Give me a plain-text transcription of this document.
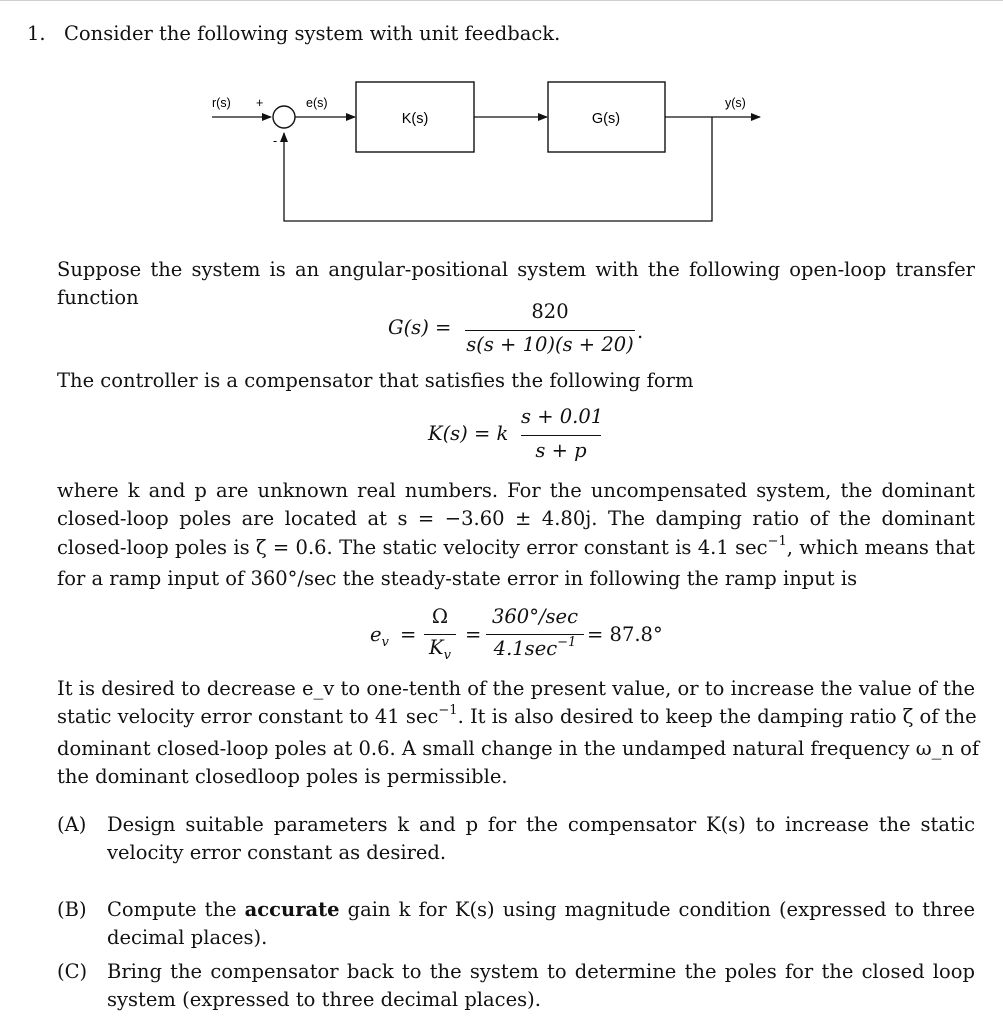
1. Consider the following system with unit feedback.
r(s) +
-
e(s)
K(s)	G(s)
y(s)
Suppose the system is an angular-positional system with the following open-loop transfer
function
G(s) =
820
s(s + 10)(s + 20)
.
The controller is a compensator that satisfies the following form
K(s) = k
s + 0.01
s + p
where k and p are unknown real numbers. For the uncompensated system, the dominant
closed-loop poles are located at s = −3.60 ± 4.80j. The damping ratio of the dominant
closed-loop poles is ζ = 0.6. The static velocity error constant is 4.1 $\sec^{-1}$, which means that
for a ramp input of 360°/sec the steady-state error in following the ramp input is
$e_v$ =
Ω
$K_v$
=
360°/sec
$4.1\sec^{-1} = 87.8^\circ$
It is desired to decrease e_v to one-tenth of the present value, or to increase the value of the
static velocity error constant to 41 $\sec^{-1}$. It is also desired to keep the damping ratio ζ of the
dominant closed-loop poles at 0.6. A small change in the undamped natural frequency ω_n of
the dominant closedloop poles is permissible.
(A) Design suitable parameters k and p for the compensator K(s) to increase the static
velocity error constant as desired.
(B) Compute the accurate gain k for K(s) using magnitude condition (expressed to three
decimal places).
(C) Bring the compensator back to the system to determine the poles for the closed loop
system (expressed to three decimal places).
